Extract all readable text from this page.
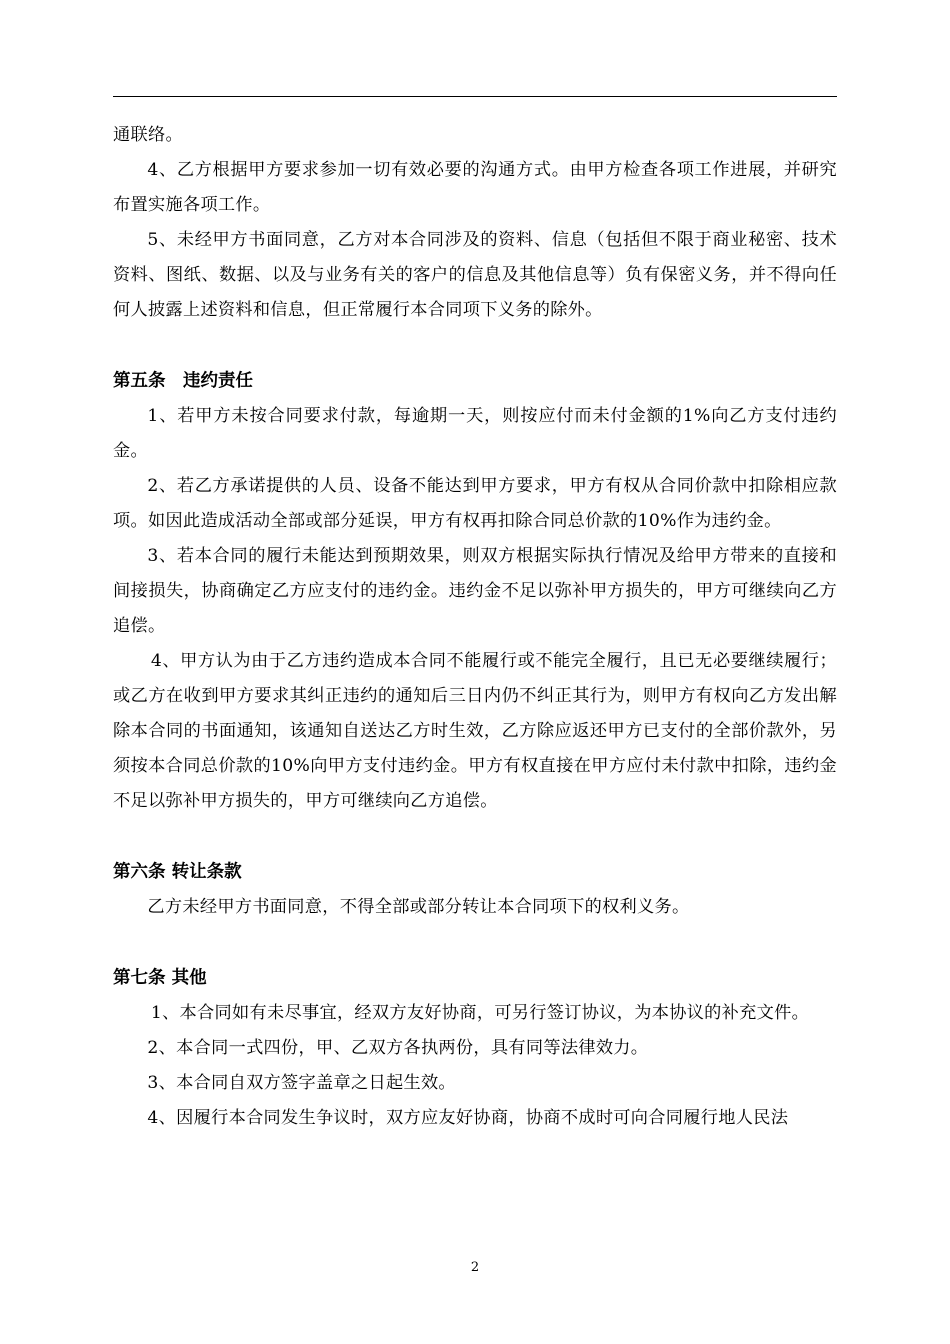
通联络。

4、乙方根据甲方要求参加一切有效必要的沟通方式。由甲方检查各项工作进展，并研究布置实施各项工作。

5、未经甲方书面同意，乙方对本合同涉及的资料、信息（包括但不限于商业秘密、技术资料、图纸、数据、以及与业务有关的客户的信息及其他信息等）负有保密义务，并不得向任何人披露上述资料和信息，但正常履行本合同项下义务的除外。

第五条　违约责任

1、若甲方未按合同要求付款，每逾期一天，则按应付而未付金额的1%向乙方支付违约金。

2、若乙方承诺提供的人员、设备不能达到甲方要求，甲方有权从合同价款中扣除相应款项。如因此造成活动全部或部分延误，甲方有权再扣除合同总价款的10%作为违约金。

3、若本合同的履行未能达到预期效果，则双方根据实际执行情况及给甲方带来的直接和间接损失，协商确定乙方应支付的违约金。违约金不足以弥补甲方损失的，甲方可继续向乙方追偿。

4、甲方认为由于乙方违约造成本合同不能履行或不能完全履行，且已无必要继续履行；或乙方在收到甲方要求其纠正违约的通知后三日内仍不纠正其行为，则甲方有权向乙方发出解除本合同的书面通知，该通知自送达乙方时生效，乙方除应返还甲方已支付的全部价款外，另须按本合同总价款的10%向甲方支付违约金。甲方有权直接在甲方应付未付款中扣除，违约金不足以弥补甲方损失的，甲方可继续向乙方追偿。

第六条 转让条款

乙方未经甲方书面同意，不得全部或部分转让本合同项下的权利义务。

第七条 其他

1、本合同如有未尽事宜，经双方友好协商，可另行签订协议，为本协议的补充文件。

2、本合同一式四份，甲、乙双方各执两份，具有同等法律效力。

3、本合同自双方签字盖章之日起生效。

4、因履行本合同发生争议时，双方应友好协商，协商不成时可向合同履行地人民法

2
